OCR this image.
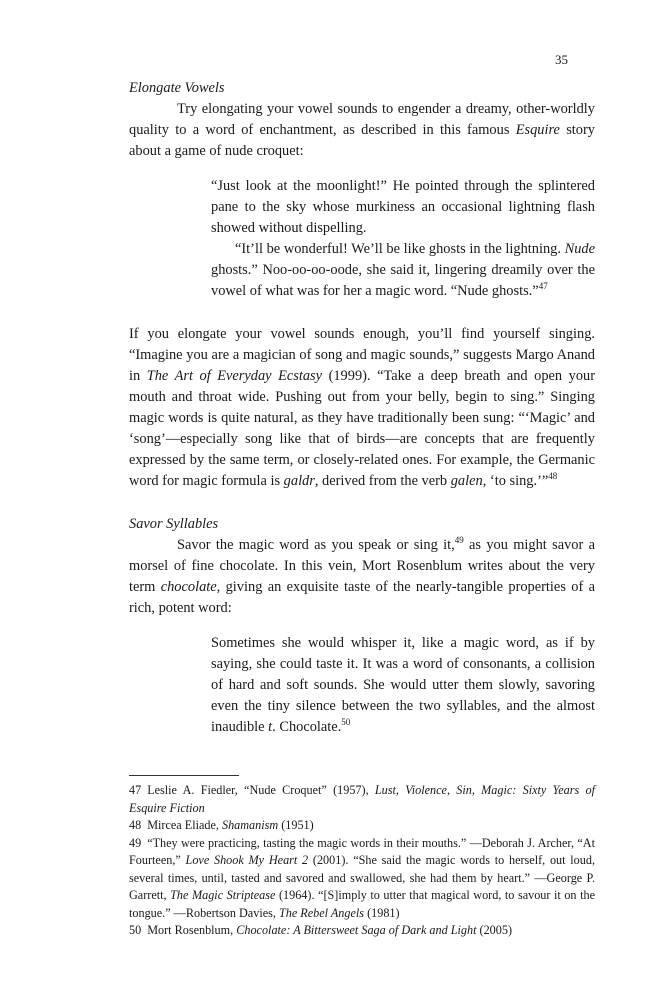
35
Elongate Vowels

Try elongating your vowel sounds to engender a dreamy, other-worldly quality to a word of enchantment, as described in this famous Esquire story about a game of nude croquet:

“Just look at the moonlight!” He pointed through the splintered pane to the sky whose murkiness an occasional lightning flash showed without dispelling.

“It’ll be wonderful! We’ll be like ghosts in the lightning. Nude ghosts.” Noo-oo-oo-oode, she said it, lingering dreamily over the vowel of what was for her a magic word. “Nude ghosts.”$^{47}$

If you elongate your vowel sounds enough, you’ll find yourself singing. “Imagine you are a magician of song and magic sounds,” suggests Margo Anand in The Art of Everyday Ecstasy (1999). “Take a deep breath and open your mouth and throat wide. Pushing out from your belly, begin to sing.” Singing magic words is quite natural, as they have traditionally been sung: “‘Magic’ and ‘song’—especially song like that of birds—are concepts that are frequently expressed by the same term, or closely-related ones. For example, the Germanic word for magic formula is galdr, derived from the verb galen, ‘to sing.’”$^{48}$

Savor Syllables

Savor the magic word as you speak or sing it,$^{49}$ as you might savor a morsel of fine chocolate. In this vein, Mort Rosenblum writes about the very term chocolate, giving an exquisite taste of the nearly-tangible properties of a rich, potent word:

Sometimes she would whisper it, like a magic word, as if by saying, she could taste it. It was a word of consonants, a collision of hard and soft sounds. She would utter them slowly, savoring even the tiny silence between the two syllables, and the almost inaudible t. Chocolate.$^{50}$

47 Leslie A. Fiedler, “Nude Croquet” (1957), Lust, Violence, Sin, Magic: Sixty Years of Esquire Fiction
48 Mircea Eliade, Shamanism (1951)
49 “They were practicing, tasting the magic words in their mouths.” —Deborah J. Archer, “At Fourteen,” Love Shook My Heart 2 (2001). “She said the magic words to herself, out loud, several times, until, tasted and savored and swallowed, she had them by heart.” —George P. Garrett, The Magic Striptease (1964). “[S]imply to utter that magical word, to savour it on the tongue.” —Robertson Davies, The Rebel Angels (1981)
50 Mort Rosenblum, Chocolate: A Bittersweet Saga of Dark and Light (2005)
